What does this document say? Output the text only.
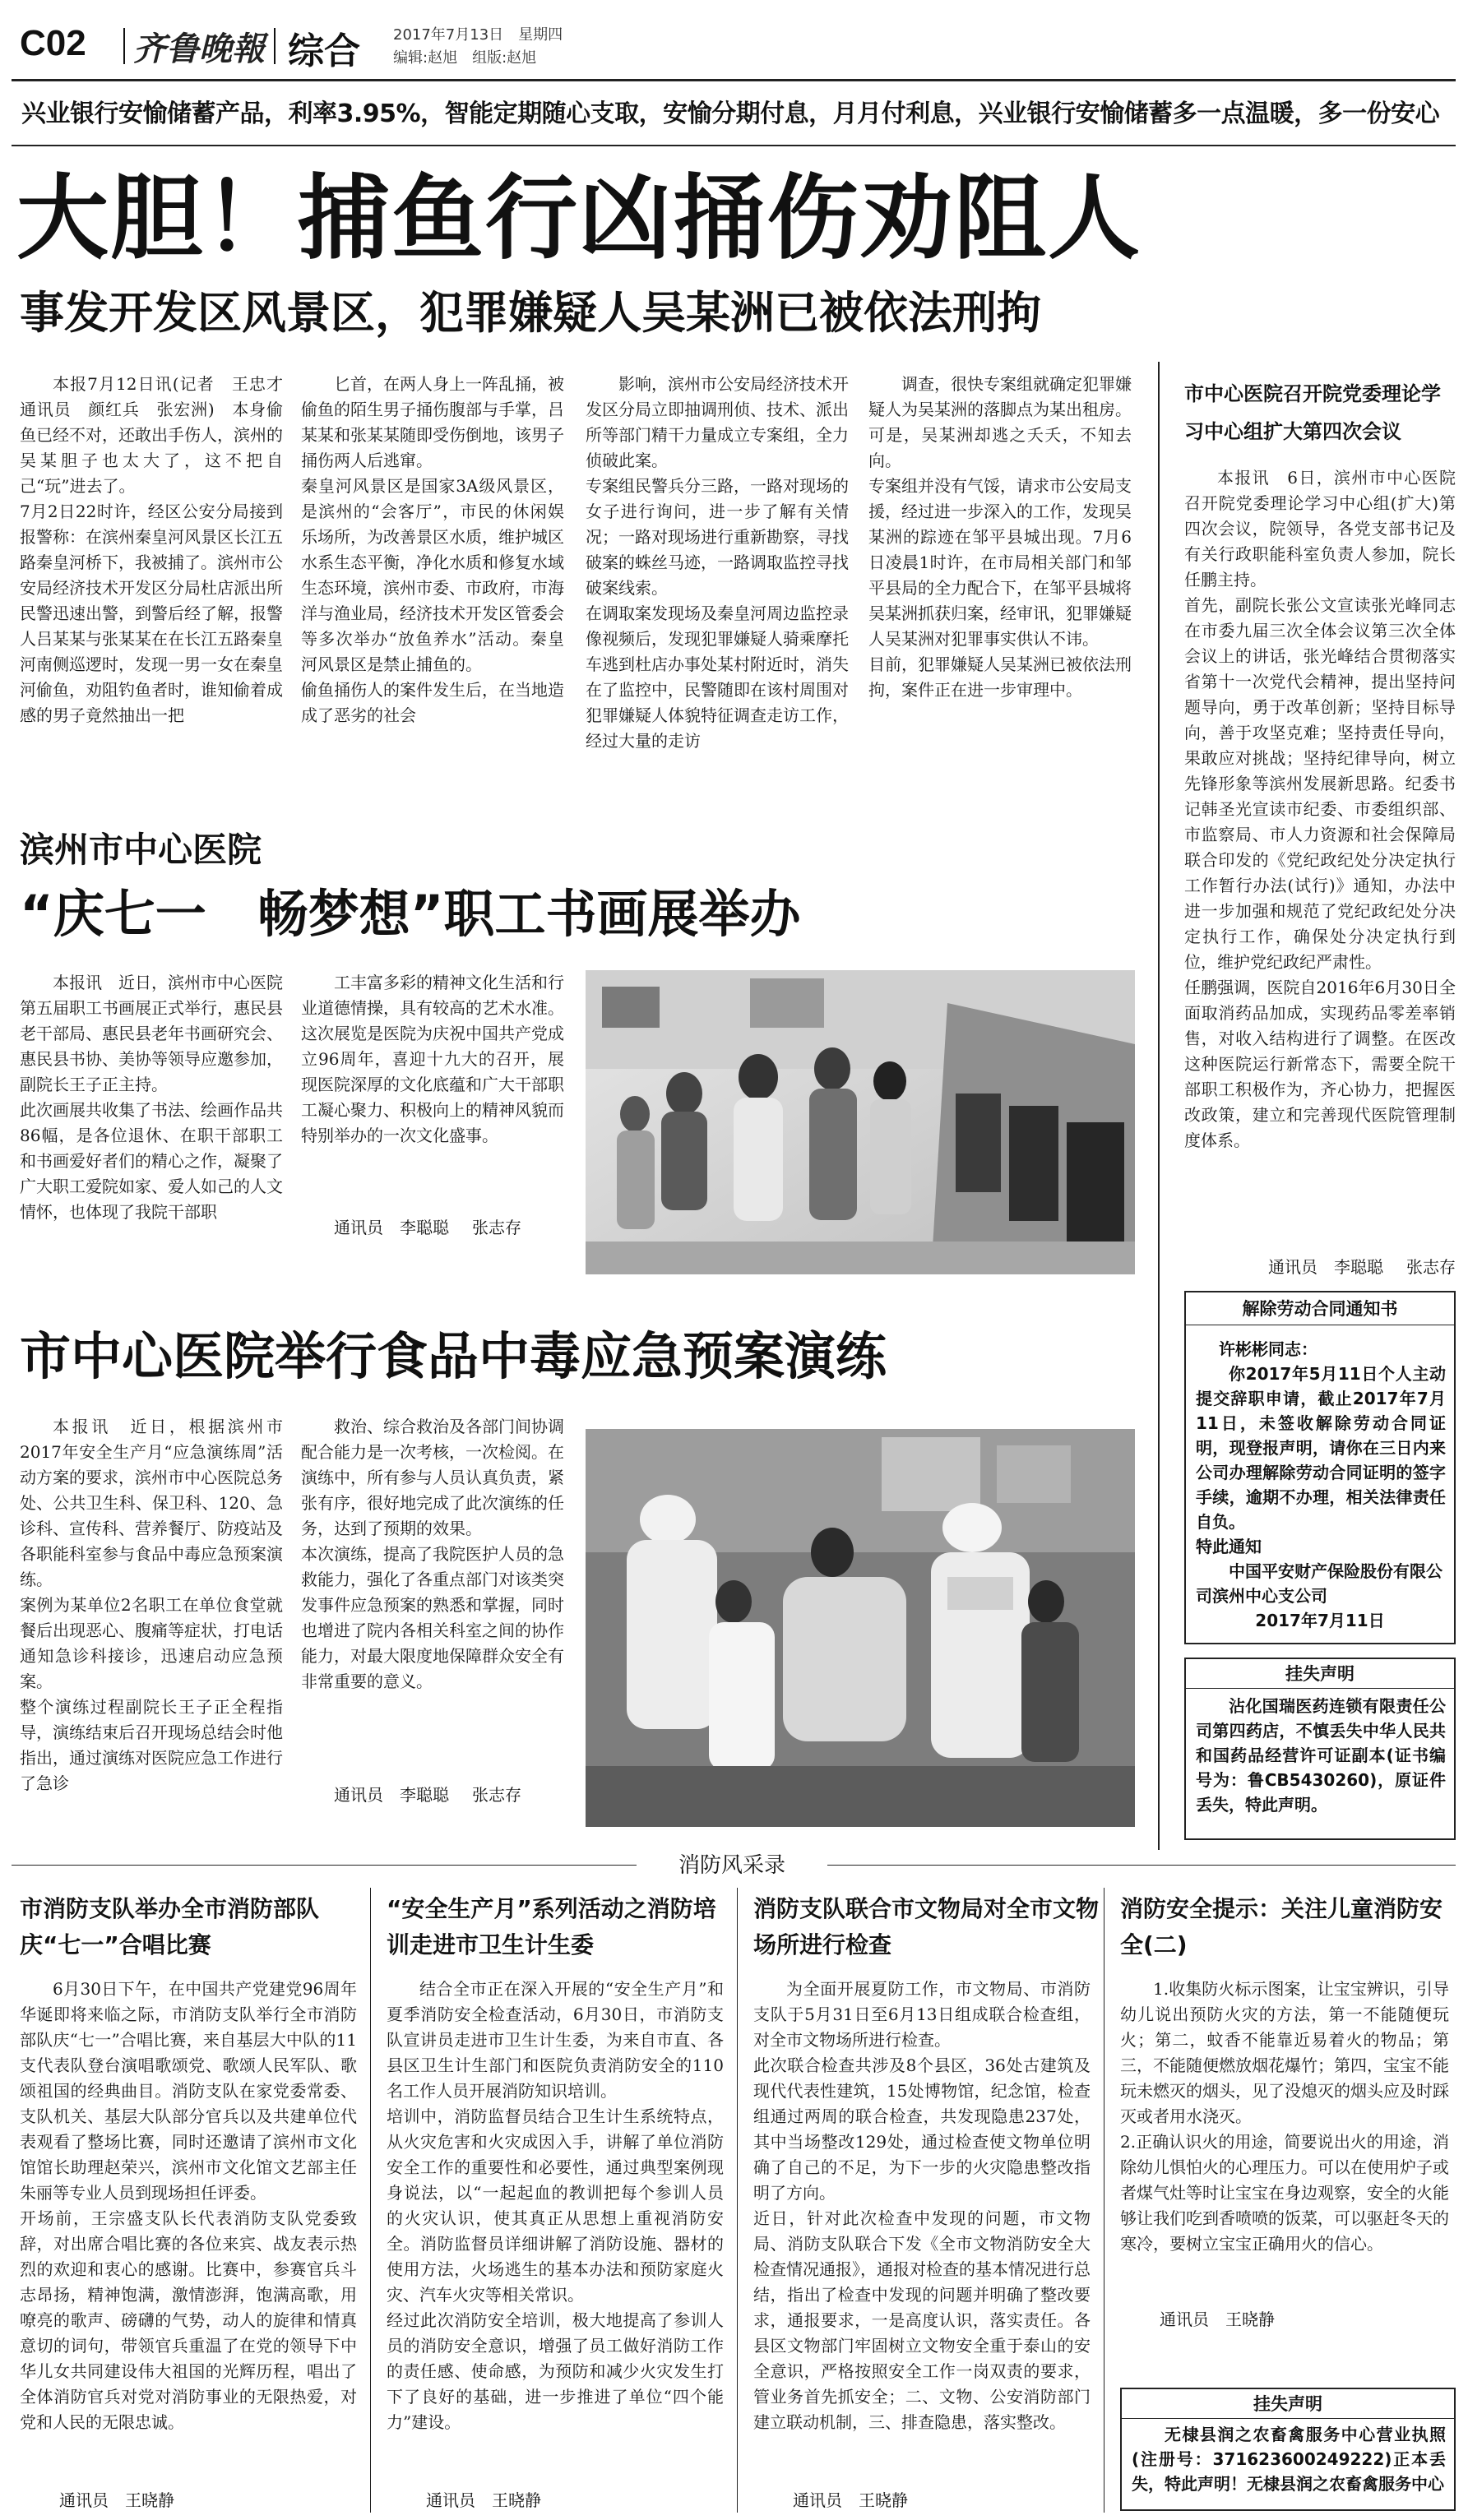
C02 齐鲁晚報 综合 2017年7月13日　星期四
编辑:赵旭　组版:赵旭
兴业银行安愉储蓄产品，利率3.95%，智能定期随心支取，安愉分期付息，月月付利息，兴业银行安愉储蓄多一点温暖，多一份安心
大胆！捕鱼行凶捅伤劝阻人
事发开发区风景区，犯罪嫌疑人吴某洲已被依法刑拘
本报7月12日讯(记者　王忠才　通讯员　颜红兵　张宏洲)　本身偷鱼已经不对，还敢出手伤人，滨州的吴某胆子也太大了，这不把自己“玩”进去了。
7月2日22时许，经区公安分局接到报警称：在滨州秦皇河风景区长江五路秦皇河桥下，我被捕了。滨州市公安局经济技术开发区分局杜店派出所民警迅速出警，到警后经了解，报警人吕某某与张某某在在长江五路秦皇河南侧巡逻时，发现一男一女在秦皇河偷鱼，劝阻钓鱼者时，谁知偷着成感的男子竟然抽出一把
匕首，在两人身上一阵乱捅，被偷鱼的陌生男子捅伤腹部与手掌，吕某某和张某某随即受伤倒地，该男子捅伤两人后逃窜。
秦皇河风景区是国家3A级风景区，是滨州的“会客厅”，市民的休闲娱乐场所，为改善景区水质，维护城区水系生态平衡，净化水质和修复水域生态环境，滨州市委、市政府，市海洋与渔业局，经济技术开发区管委会等多次举办“放鱼养水”活动。秦皇河风景区是禁止捕鱼的。
偷鱼捅伤人的案件发生后，在当地造成了恶劣的社会
影响，滨州市公安局经济技术开发区分局立即抽调刑侦、技术、派出所等部门精干力量成立专案组，全力侦破此案。
专案组民警兵分三路，一路对现场的女子进行询问，进一步了解有关情况；一路对现场进行重新勘察，寻找破案的蛛丝马迹，一路调取监控寻找破案线索。
在调取案发现场及秦皇河周边监控录像视频后，发现犯罪嫌疑人骑乘摩托车逃到杜店办事处某村附近时，消失在了监控中，民警随即在该村周围对犯罪嫌疑人体貌特征调查走访工作，经过大量的走访
调查，很快专案组就确定犯罪嫌疑人为吴某洲的落脚点为某出租房。可是，吴某洲却逃之夭夭，不知去向。
专案组并没有气馁，请求市公安局支援，经过进一步深入的工作，发现吴某洲的踪迹在邹平县城出现。7月6日凌晨1时许，在市局相关部门和邹平县局的全力配合下，在邹平县城将吴某洲抓获归案，经审讯，犯罪嫌疑人吴某洲对犯罪事实供认不讳。
目前，犯罪嫌疑人吴某洲已被依法刑拘，案件正在进一步审理中。
市中心医院召开院党委理论学习中心组扩大第四次会议
本报讯　6日，滨州市中心医院召开院党委理论学习中心组(扩大)第四次会议，院领导，各党支部书记及有关行政职能科室负责人参加，院长任鹏主持。
首先，副院长张公文宣读张光峰同志在市委九届三次全体会议第三次全体会议上的讲话，张光峰结合贯彻落实省第十一次党代会精神，提出坚持问题导向，勇于改革创新；坚持目标导向，善于攻坚克难；坚持责任导向，果敢应对挑战；坚持纪律导向，树立先锋形象等滨州发展新思路。纪委书记韩圣光宣读市纪委、市委组织部、市监察局、市人力资源和社会保障局联合印发的《党纪政纪处分决定执行工作暂行办法(试行)》通知，办法中进一步加强和规范了党纪政纪处分决定执行工作，确保处分决定执行到位，维护党纪政纪严肃性。
任鹏强调，医院自2016年6月30日全面取消药品加成，实现药品零差率销售，对收入结构进行了调整。在医改这种医院运行新常态下，需要全院干部职工积极作为，齐心协力，把握医改政策，建立和完善现代医院管理制度体系。
通讯员　李聪聪 张志存
滨州市中心医院
“庆七一　畅梦想”职工书画展举办
本报讯　近日，滨州市中心医院第五届职工书画展正式举行，惠民县老干部局、惠民县老年书画研究会、惠民县书协、美协等领导应邀参加，副院长王子正主持。
此次画展共收集了书法、绘画作品共86幅，是各位退休、在职干部职工和书画爱好者们的精心之作，凝聚了广大职工爱院如家、爱人如己的人文情怀，也体现了我院干部职
工丰富多彩的精神文化生活和行业道德情操，具有较高的艺术水准。
这次展览是医院为庆祝中国共产党成立96周年，喜迎十九大的召开，展现医院深厚的文化底蕴和广大干部职工凝心聚力、积极向上的精神风貌而特别举办的一次文化盛事。
通讯员　李聪聪 张志存
市中心医院举行食品中毒应急预案演练
本报讯　近日，根据滨州市2017年安全生产月“应急演练周”活动方案的要求，滨州市中心医院总务处、公共卫生科、保卫科、120、急诊科、宣传科、营养餐厅、防疫站及各职能科室参与食品中毒应急预案演练。
案例为某单位2名职工在单位食堂就餐后出现恶心、腹痛等症状，打电话通知急诊科接诊，迅速启动应急预案。
整个演练过程副院长王子正全程指导，演练结束后召开现场总结会时他指出，通过演练对医院应急工作进行了急诊
救治、综合救治及各部门间协调配合能力是一次考核，一次检阅。在演练中，所有参与人员认真负责，紧张有序，很好地完成了此次演练的任务，达到了预期的效果。
本次演练，提高了我院医护人员的急救能力，强化了各重点部门对该类突发事件应急预案的熟悉和掌握，同时也增进了院内各相关科室之间的协作能力，对最大限度地保障群众安全有非常重要的意义。
通讯员　李聪聪 张志存
解除劳动合同通知书
许彬彬同志：
你2017年5月11日个人主动提交辞职申请，截止2017年7月11日，未签收解除劳动合同证明，现登报声明，请你在三日内来公司办理解除劳动合同证明的签字手续，逾期不办理，相关法律责任自负。
特此通知
中国平安财产保险股份有限公司滨州中心支公司
2017年7月11日
挂失声明
沾化国瑞医药连锁有限责任公司第四药店，不慎丢失中华人民共和国药品经营许可证副本(证书编号为：鲁CB5430260)，原证件丢失，特此声明。
消防风采录
市消防支队举办全市消防部队庆“七一”合唱比赛
6月30日下午，在中国共产党建党96周年华诞即将来临之际，市消防支队举行全市消防部队庆“七一”合唱比赛，来自基层大中队的11支代表队登台演唱歌颂党、歌颂人民军队、歌颂祖国的经典曲目。消防支队在家党委常委、支队机关、基层大队部分官兵以及共建单位代表观看了整场比赛，同时还邀请了滨州市文化馆馆长助理赵荣兴，滨州市文化馆文艺部主任朱丽等专业人员到现场担任评委。
开场前，王宗盛支队长代表消防支队党委致辞，对出席合唱比赛的各位来宾、战友表示热烈的欢迎和衷心的感谢。比赛中，参赛官兵斗志昂扬，精神饱满，激情澎湃，饱满高歌，用嘹亮的歌声、磅礴的气势，动人的旋律和情真意切的词句，带领官兵重温了在党的领导下中华儿女共同建设伟大祖国的光辉历程，唱出了全体消防官兵对党对消防事业的无限热爱，对党和人民的无限忠诚。
通讯员　王晓静
“安全生产月”系列活动之消防培训走进市卫生计生委
结合全市正在深入开展的“安全生产月”和夏季消防安全检查活动，6月30日，市消防支队宣讲员走进市卫生计生委，为来自市直、各县区卫生计生部门和医院负责消防安全的110名工作人员开展消防知识培训。
培训中，消防监督员结合卫生计生系统特点，从火灾危害和火灾成因入手，讲解了单位消防安全工作的重要性和必要性，通过典型案例现身说法，以“一起起血的教训把每个参训人员的火灾认识，使其真正从思想上重视消防安全。消防监督员详细讲解了消防设施、器材的使用方法，火场逃生的基本办法和预防家庭火灾、汽车火灾等相关常识。
经过此次消防安全培训，极大地提高了参训人员的消防安全意识，增强了员工做好消防工作的责任感、使命感，为预防和减少火灾发生打下了良好的基础，进一步推进了单位“四个能力”建设。
通讯员　王晓静
消防支队联合市文物局对全市文物场所进行检查
为全面开展夏防工作，市文物局、市消防支队于5月31日至6月13日组成联合检查组，对全市文物场所进行检查。
此次联合检查共涉及8个县区，36处古建筑及现代代表性建筑，15处博物馆，纪念馆，检查组通过两周的联合检查，共发现隐患237处，其中当场整改129处，通过检查使文物单位明确了自己的不足，为下一步的火灾隐患整改指明了方向。
近日，针对此次检查中发现的问题，市文物局、消防支队联合下发《全市文物消防安全大检查情况通报》，通报对检查的基本情况进行总结，指出了检查中发现的问题并明确了整改要求，通报要求，一是高度认识，落实责任。各县区文物部门牢固树立文物安全重于泰山的安全意识，严格按照安全工作一岗双责的要求，管业务首先抓安全；二、文物、公安消防部门建立联动机制，三、排查隐患，落实整改。
通讯员　王晓静
消防安全提示：关注儿童消防安全(二)
1.收集防火标示图案，让宝宝辨识，引导幼儿说出预防火灾的方法，第一不能随便玩火；第二，蚊香不能靠近易着火的物品；第三，不能随便燃放烟花爆竹；第四，宝宝不能玩未燃灭的烟头，见了没熄灭的烟头应及时踩灭或者用水浇灭。
2.正确认识火的用途，简要说出火的用途，消除幼儿惧怕火的心理压力。可以在使用炉子或者煤气灶等时让宝宝在身边观察，安全的火能够让我们吃到香喷喷的饭菜，可以驱赶冬天的寒冷，要树立宝宝正确用火的信心。
通讯员　王晓静
挂失声明
无棣县润之农畜禽服务中心营业执照(注册号：371623600249222)正本丢失，特此声明！无棣县润之农畜禽服务中心
